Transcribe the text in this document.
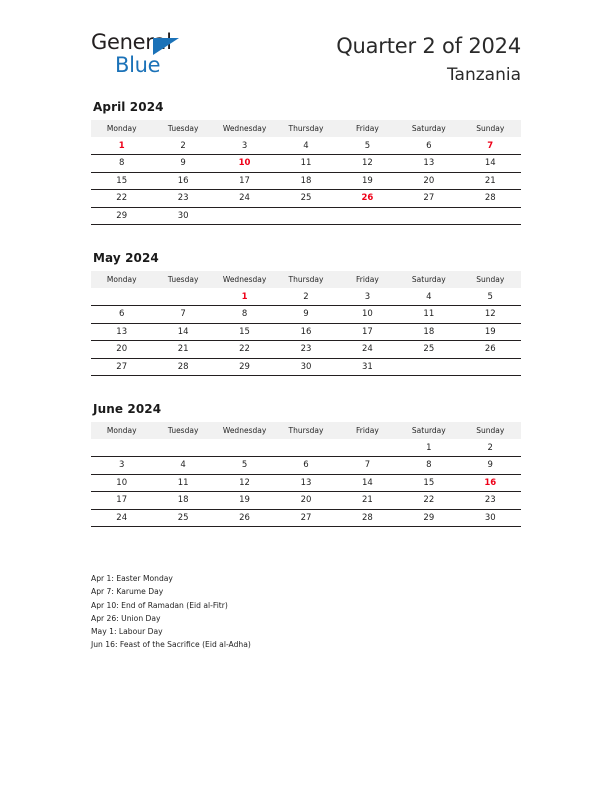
General
Blue
Quarter 2 of 2024
Tanzania
April 2024
Monday	Tuesday	Wednesday	Thursday	Friday	Saturday	Sunday
1	2	3	4	5	6	7
8	9	10	11	12	13	14
15	16	17	18	19	20	21
22	23	24	25	26	27	28
29	30					
May 2024
Monday	Tuesday	Wednesday	Thursday	Friday	Saturday	Sunday
		1	2	3	4	5
6	7	8	9	10	11	12
13	14	15	16	17	18	19
20	21	22	23	24	25	26
27	28	29	30	31		
June 2024
Monday	Tuesday	Wednesday	Thursday	Friday	Saturday	Sunday
					1	2
3	4	5	6	7	8	9
10	11	12	13	14	15	16
17	18	19	20	21	22	23
24	25	26	27	28	29	30
Apr 1: Easter Monday
Apr 7: Karume Day
Apr 10: End of Ramadan (Eid al-Fitr)
Apr 26: Union Day
May 1: Labour Day
Jun 16: Feast of the Sacrifice (Eid al-Adha)
